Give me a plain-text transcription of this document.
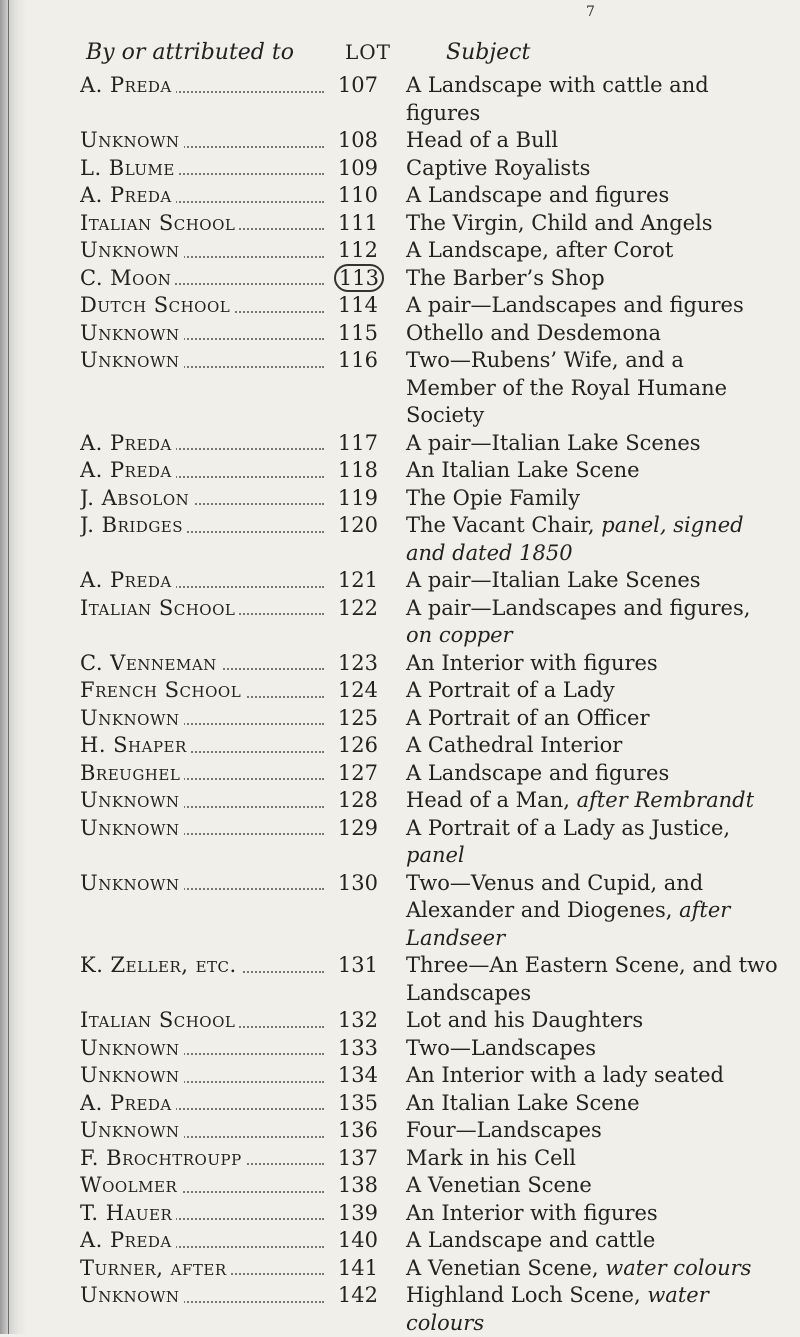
7
By or attributed to	LOT Subject
A. Preda	107 A Landscape with cattle and figures
Unknown	108 Head of a Bull
L. Blume	109 Captive Royalists
A. Preda	110 A Landscape and figures
Italian School	111 The Virgin, Child and Angels
Unknown	112 A Landscape, after Corot
C. Moon	113 The Barber’s Shop
Dutch School	114 A pair—Landscapes and figures
Unknown	115 Othello and Desdemona
Unknown	116 Two—Rubens’ Wife, and a Member of the Royal Humane Society
A. Preda	117 A pair—Italian Lake Scenes
A. Preda	118 An Italian Lake Scene
J. Absolon	119 The Opie Family
J. Bridges	120 The Vacant Chair, panel, signed and dated 1850
A. Preda	121 A pair—Italian Lake Scenes
Italian School	122 A pair—Landscapes and figures, on copper
C. Venneman	123 An Interior with figures
French School	124 A Portrait of a Lady
Unknown	125 A Portrait of an Officer
H. Shaper	126 A Cathedral Interior
Breughel	127 A Landscape and figures
Unknown	128 Head of a Man, after Rembrandt
Unknown	129 A Portrait of a Lady as Justice, panel
Unknown	130 Two—Venus and Cupid, and Alexander and Diogenes, after Landseer
K. Zeller, etc.	131 Three—An Eastern Scene, and two Landscapes
Italian School	132 Lot and his Daughters
Unknown	133 Two—Landscapes
Unknown	134 An Interior with a lady seated
A. Preda	135 An Italian Lake Scene
Unknown	136 Four—Landscapes
F. Brochtroupp	137 Mark in his Cell
Woolmer	138 A Venetian Scene
T. Hauer	139 An Interior with figures
A. Preda	140 A Landscape and cattle
Turner, after	141 A Venetian Scene, water colours
Unknown	142 Highland Loch Scene, water colours
